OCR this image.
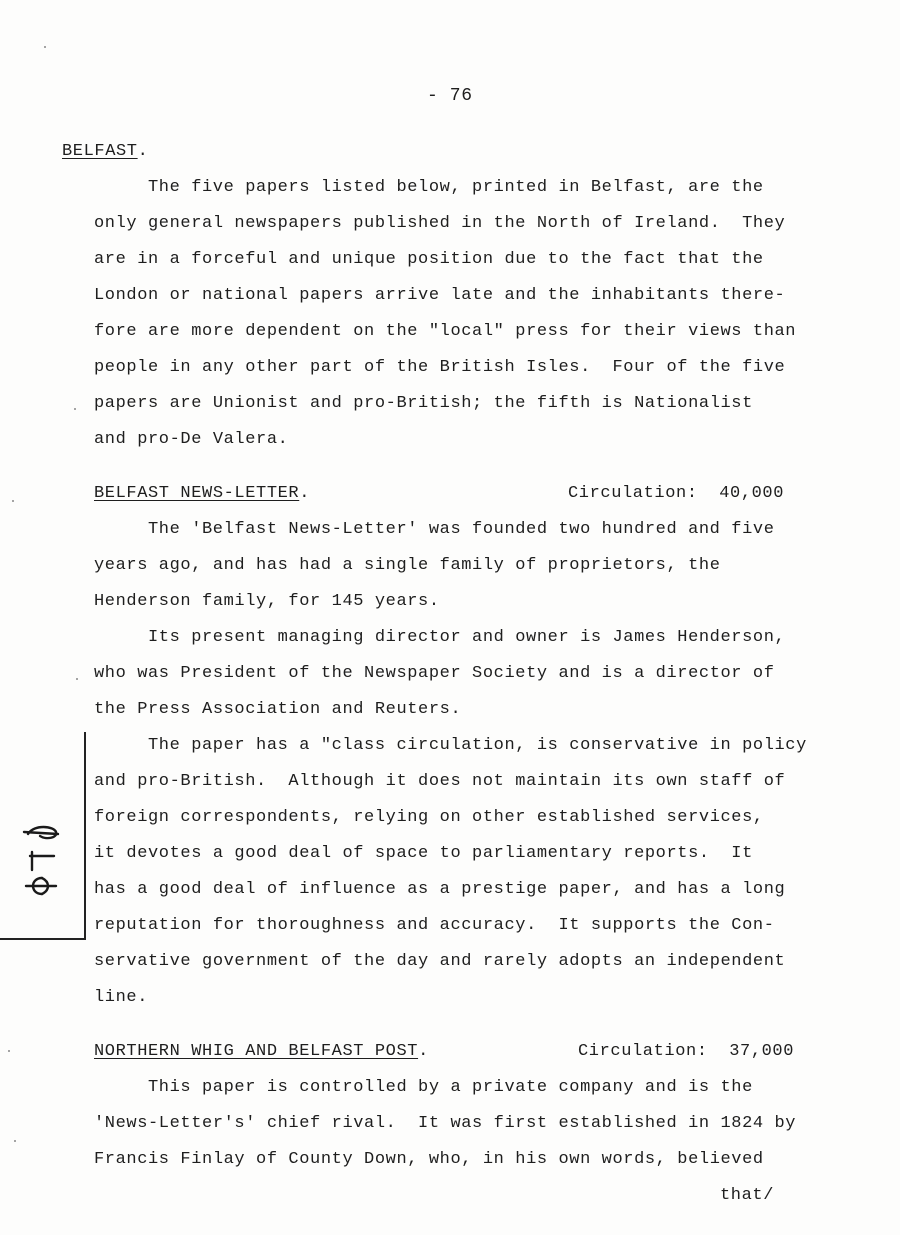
- 76
BELFAST.
The five papers listed below, printed in Belfast, are the
only general newspapers published in the North of Ireland.  They
are in a forceful and unique position due to the fact that the
London or national papers arrive late and the inhabitants there-
fore are more dependent on the "local" press for their views than
people in any other part of the British Isles.  Four of the five
papers are Unionist and pro-British; the fifth is Nationalist
and pro-De Valera.
BELFAST NEWS-LETTER.	Circulation:  40,000
The 'Belfast News-Letter' was founded two hundred and five
years ago, and has had a single family of proprietors, the
Henderson family, for 145 years.
Its present managing director and owner is James Henderson,
who was President of the Newspaper Society and is a director of
the Press Association and Reuters.
The paper has a "class circulation, is conservative in policy
and pro-British.  Although it does not maintain its own staff of
foreign correspondents, relying on other established services,
it devotes a good deal of space to parliamentary reports.  It
has a good deal of influence as a prestige paper, and has a long
reputation for thoroughness and accuracy.  It supports the Con-
servative government of the day and rarely adopts an independent
line.
NORTHERN WHIG AND BELFAST POST.	Circulation:  37,000
This paper is controlled by a private company and is the
'News-Letter's' chief rival.  It was first established in 1824 by
Francis Finlay of County Down, who, in his own words, believed
that/
